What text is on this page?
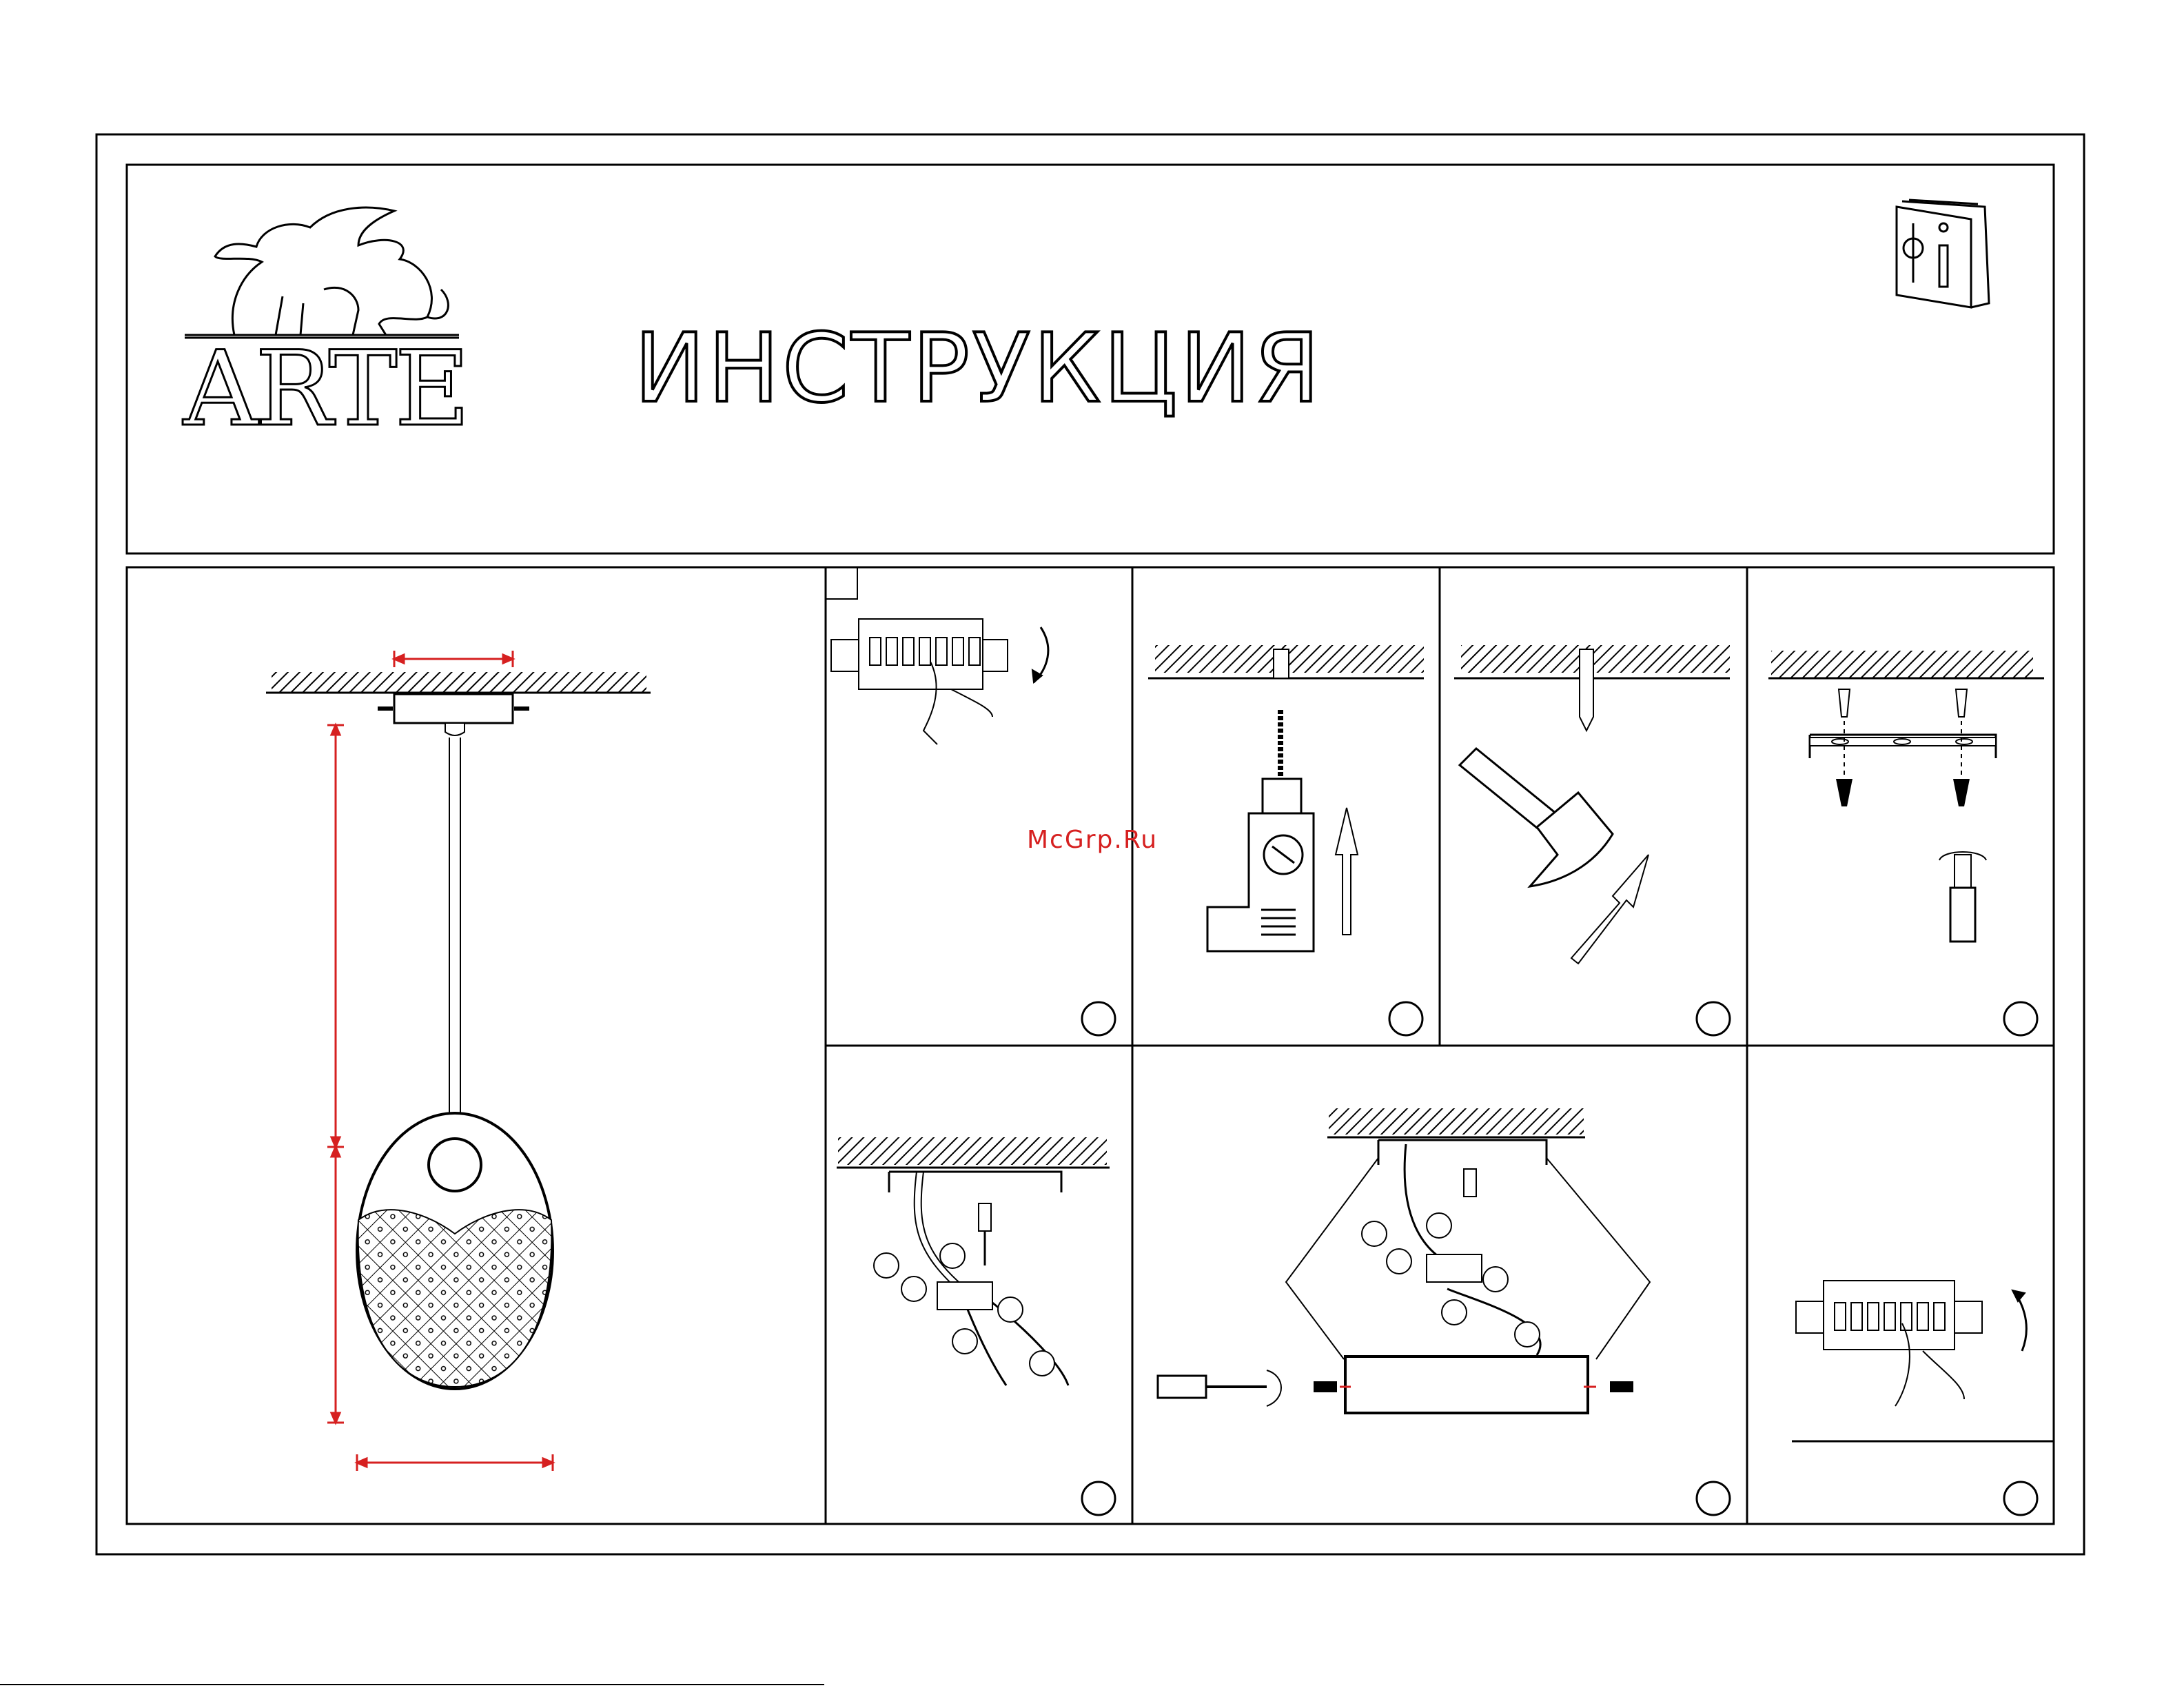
ARTE ИНСТРУКЦИЯ
McGrp.Ru
